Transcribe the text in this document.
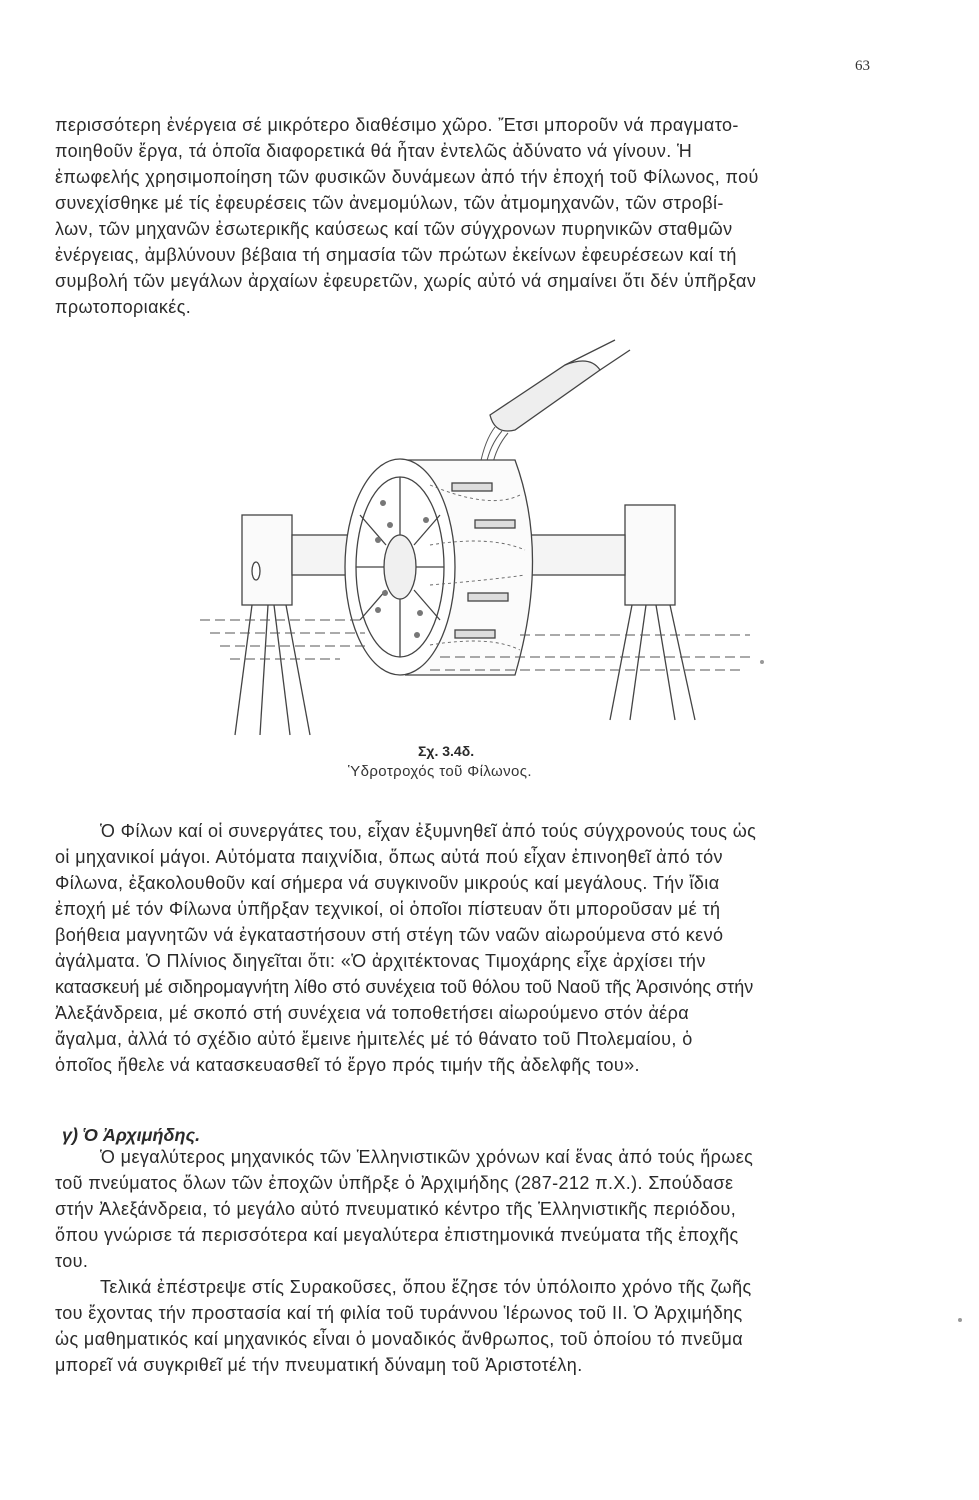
63
περισσότερη ἐνέργεια σέ μικρότερο διαθέσιμο χῶρο. Ἔτσι μποροῦν νά πραγματο-
ποιηθοῦν ἔργα, τά ὁποῖα διαφορετικά θά ἦταν ἐντελῶς ἀδύνατο νά γίνουν. Ἡ
ἐπωφελής χρησιμοποίηση τῶν φυσικῶν δυνάμεων ἀπό τήν ἐποχή τοῦ Φίλωνος, πού
συνεχίσθηκε μέ τίς ἐφευρέσεις τῶν ἀνεμομύλων, τῶν ἀτμομηχανῶν, τῶν στροβί-
λων, τῶν μηχανῶν ἐσωτερικῆς καύσεως καί τῶν σύγχρονων πυρηνικῶν σταθμῶν
ἐνέργειας, ἀμβλύνουν βέβαια τή σημασία τῶν πρώτων ἐκείνων ἐφευρέσεων καί τή
συμβολή τῶν μεγάλων ἀρχαίων ἐφευρετῶν, χωρίς αὐτό νά σημαίνει ὅτι δέν ὑπῆρξαν
πρωτοποριακές.
Σχ. 3.4δ.
Ὑδροτροχός τοῦ Φίλωνος.
Ὁ Φίλων καί οἱ συνεργάτες του, εἶχαν ἐξυμνηθεῖ ἀπό τούς σύγχρονούς τους ὡς
οἱ μηχανικοί μάγοι. Αὐτόματα παιχνίδια, ὅπως αὐτά πού εἶχαν ἐπινοηθεῖ ἀπό τόν
Φίλωνα, ἐξακολουθοῦν καί σήμερα νά συγκινοῦν μικρούς καί μεγάλους. Τήν ἴδια
ἐποχή μέ τόν Φίλωνα ὑπῆρξαν τεχνικοί, οἱ ὁποῖοι πίστευαν ὅτι μποροῦσαν μέ τή
βοήθεια μαγνητῶν νά ἐγκαταστήσουν στή στέγη τῶν ναῶν αἰωρούμενα στό κενό
ἀγάλματα. Ὁ Πλίνιος διηγεῖται ὅτι: «Ὁ ἀρχιτέκτονας Τιμοχάρης εἶχε ἀρχίσει τήν
κατασκευή μέ σιδηρομαγνήτη λίθο στό συνέχεια τοῦ θόλου τοῦ Ναοῦ τῆς Ἀρσινόης στήν
Ἀλεξάνδρεια, μέ σκοπό στή συνέχεια νά τοποθετήσει αἰωρούμενο στόν ἀέρα
ἄγαλμα, ἀλλά τό σχέδιο αὐτό ἔμεινε ἡμιτελές μέ τό θάνατο τοῦ Πτολεμαίου, ὁ
ὁποῖος ἤθελε νά κατασκευασθεῖ τό ἔργο πρός τιμήν τῆς ἀδελφῆς του».
γ) Ὁ Ἀρχιμήδης.
Ὁ μεγαλύτερος μηχανικός τῶν Ἑλληνιστικῶν χρόνων καί ἕνας ἀπό τούς ἥρωες
τοῦ πνεύματος ὅλων τῶν ἐποχῶν ὑπῆρξε ὁ Ἀρχιμήδης (287-212 π.Χ.). Σπούδασε
στήν Ἀλεξάνδρεια, τό μεγάλο αὐτό πνευματικό κέντρο τῆς Ἑλληνιστικῆς περιόδου,
ὅπου γνώρισε τά περισσότερα καί μεγαλύτερα ἐπιστημονικά πνεύματα τῆς ἐποχῆς
του.
Τελικά ἐπέστρεψε στίς Συρακοῦσες, ὅπου ἔζησε τόν ὑπόλοιπο χρόνο τῆς ζωῆς
του ἔχοντας τήν προστασία καί τή φιλία τοῦ τυράννου Ἱέρωνος τοῦ ΙΙ. Ὁ Ἀρχιμήδης
ὡς μαθηματικός καί μηχανικός εἶναι ὁ μοναδικός ἄνθρωπος, τοῦ ὁποίου τό πνεῦμα
μπορεῖ νά συγκριθεῖ μέ τήν πνευματική δύναμη τοῦ Ἀριστοτέλη.
